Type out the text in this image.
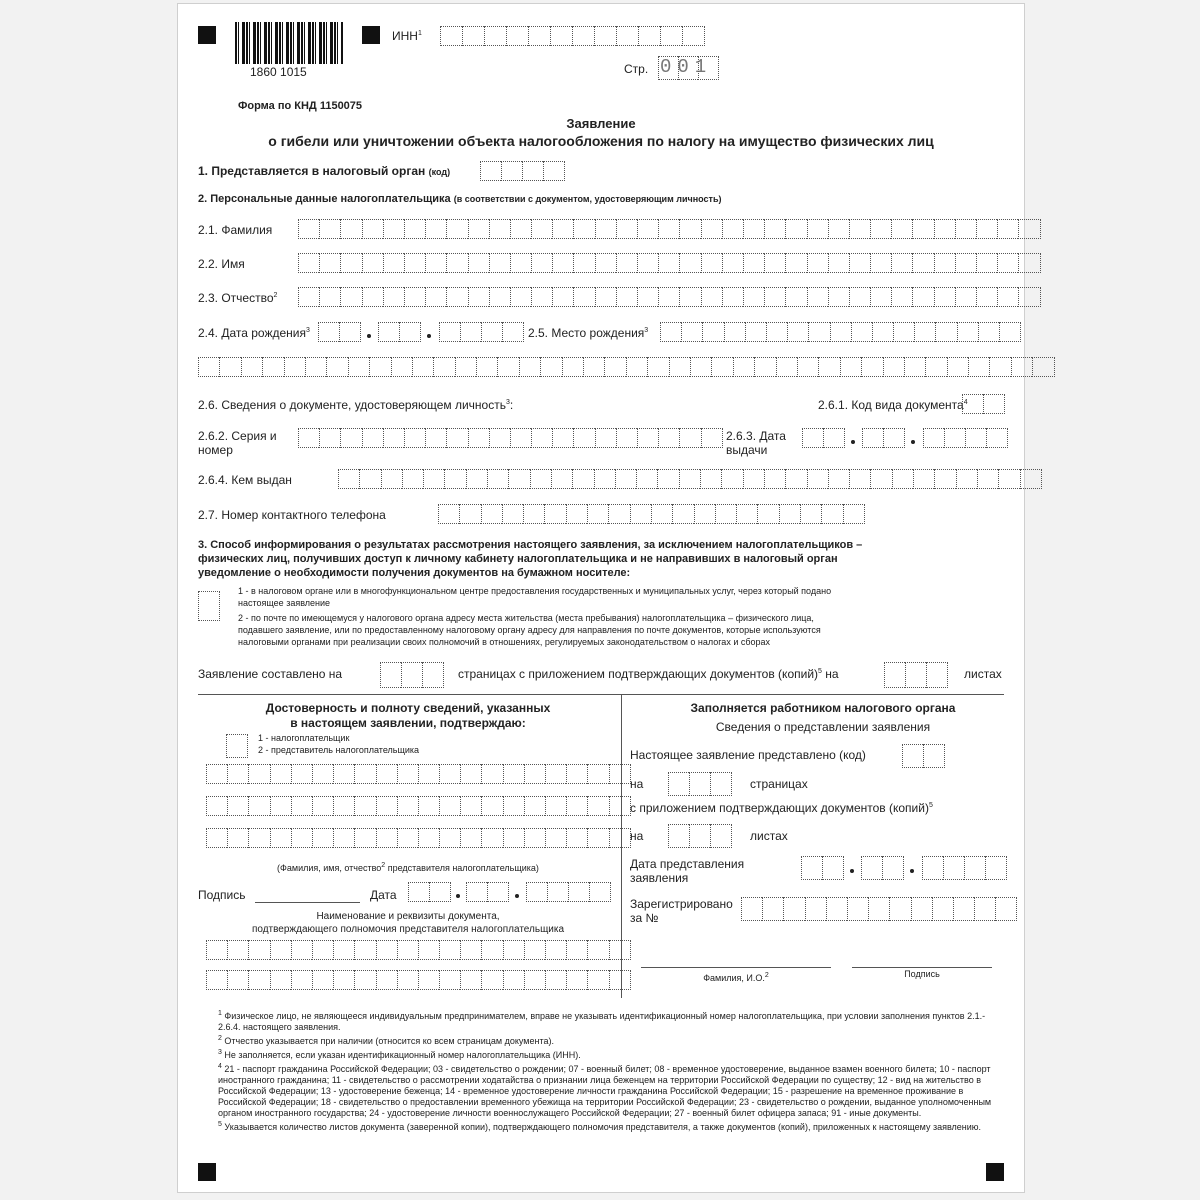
1860 1015
ИНН$^1$
Стр. 001
Форма по КНД 1150075
Заявление
о гибели или уничтожении объекта налогообложения по налогу на имущество физических лиц
1. Представляется в налоговый орган (код)
2. Персональные данные налогоплательщика (в соответствии с документом, удостоверяющим личность)
2.1. Фамилия
2.2. Имя
2.3. Отчество$^2$
2.4. Дата рождения$^3$	2.5. Место рождения$^3$
2.6. Сведения о документе, удостоверяющем личность$^3$:	2.6.1. Код вида документа$^4$
2.6.2. Серия и
номер
2.6.3. Дата
выдачи
2.6.4. Кем выдан
2.7. Номер контактного телефона
3. Способ информирования о результатах рассмотрения настоящего заявления, за исключением налогоплательщиков –
физических лиц, получивших доступ к личному кабинету налогоплательщика и не направивших в налоговый орган
уведомление о необходимости получения документов на бумажном носителе:
1 - в налоговом органе или в многофункциональном центре предоставления государственных и муниципальных услуг, через который подано
настоящее заявление
2 - по почте по имеющемуся у налогового органа адресу места жительства (места пребывания) налогоплательщика – физического лица,
подавшего заявление, или по предоставленному налоговому органу адресу для направления по почте документов, которые используются
налоговыми органами при реализации своих полномочий в отношениях, регулируемых законодательством о налогах и сборах
Заявление составлено на	страницах с приложением подтверждающих документов (копий)$^5$ на	листах
Достоверность и полноту сведений, указанных
в настоящем заявлении, подтверждаю:
1 - налогоплательщик
2 - представитель налогоплательщика
(Фамилия, имя, отчество$^2$ представителя налогоплательщика)
Подпись	Дата
Наименование и реквизиты документа,
подтверждающего полномочия представителя налогоплательщика
Заполняется работником налогового органа
Сведения о представлении заявления
Настоящее заявление представлено (код)
на	страницах
с приложением подтверждающих документов (копий)$^5$
на	листах
Дата представления
заявления
Зарегистрировано
за №
Фамилия, И.О.$^2$	Подпись
$^1$ Физическое лицо, не являющееся индивидуальным предпринимателем, вправе не указывать идентификационный номер налогоплательщика, при условии заполнения пунктов 2.1.- 2.6.4. настоящего заявления.
$^2$ Отчество указывается при наличии (относится ко всем страницам документа).
$^3$ Не заполняется, если указан идентификационный номер налогоплательщика (ИНН).
$^4$ 21 - паспорт гражданина Российской Федерации; 03 - свидетельство о рождении; 07 - военный билет; 08 - временное удостоверение, выданное взамен военного билета; 10 - паспорт иностранного гражданина; 11 - свидетельство о рассмотрении ходатайства о признании лица беженцем на территории Российской Федерации по существу; 12 - вид на жительство в Российской Федерации; 13 - удостоверение беженца; 14 - временное удостоверение личности гражданина Российской Федерации; 15 - разрешение на временное проживание в Российской Федерации; 18 - свидетельство о предоставлении временного убежища на территории Российской Федерации; 23 - свидетельство о рождении, выданное уполномоченным органом иностранного государства; 24 - удостоверение личности военнослужащего Российской Федерации; 27 - военный билет офицера запаса; 91 - иные документы.
$^5$ Указывается количество листов документа (заверенной копии), подтверждающего полномочия представителя, а также документов (копий), приложенных к настоящему заявлению.
